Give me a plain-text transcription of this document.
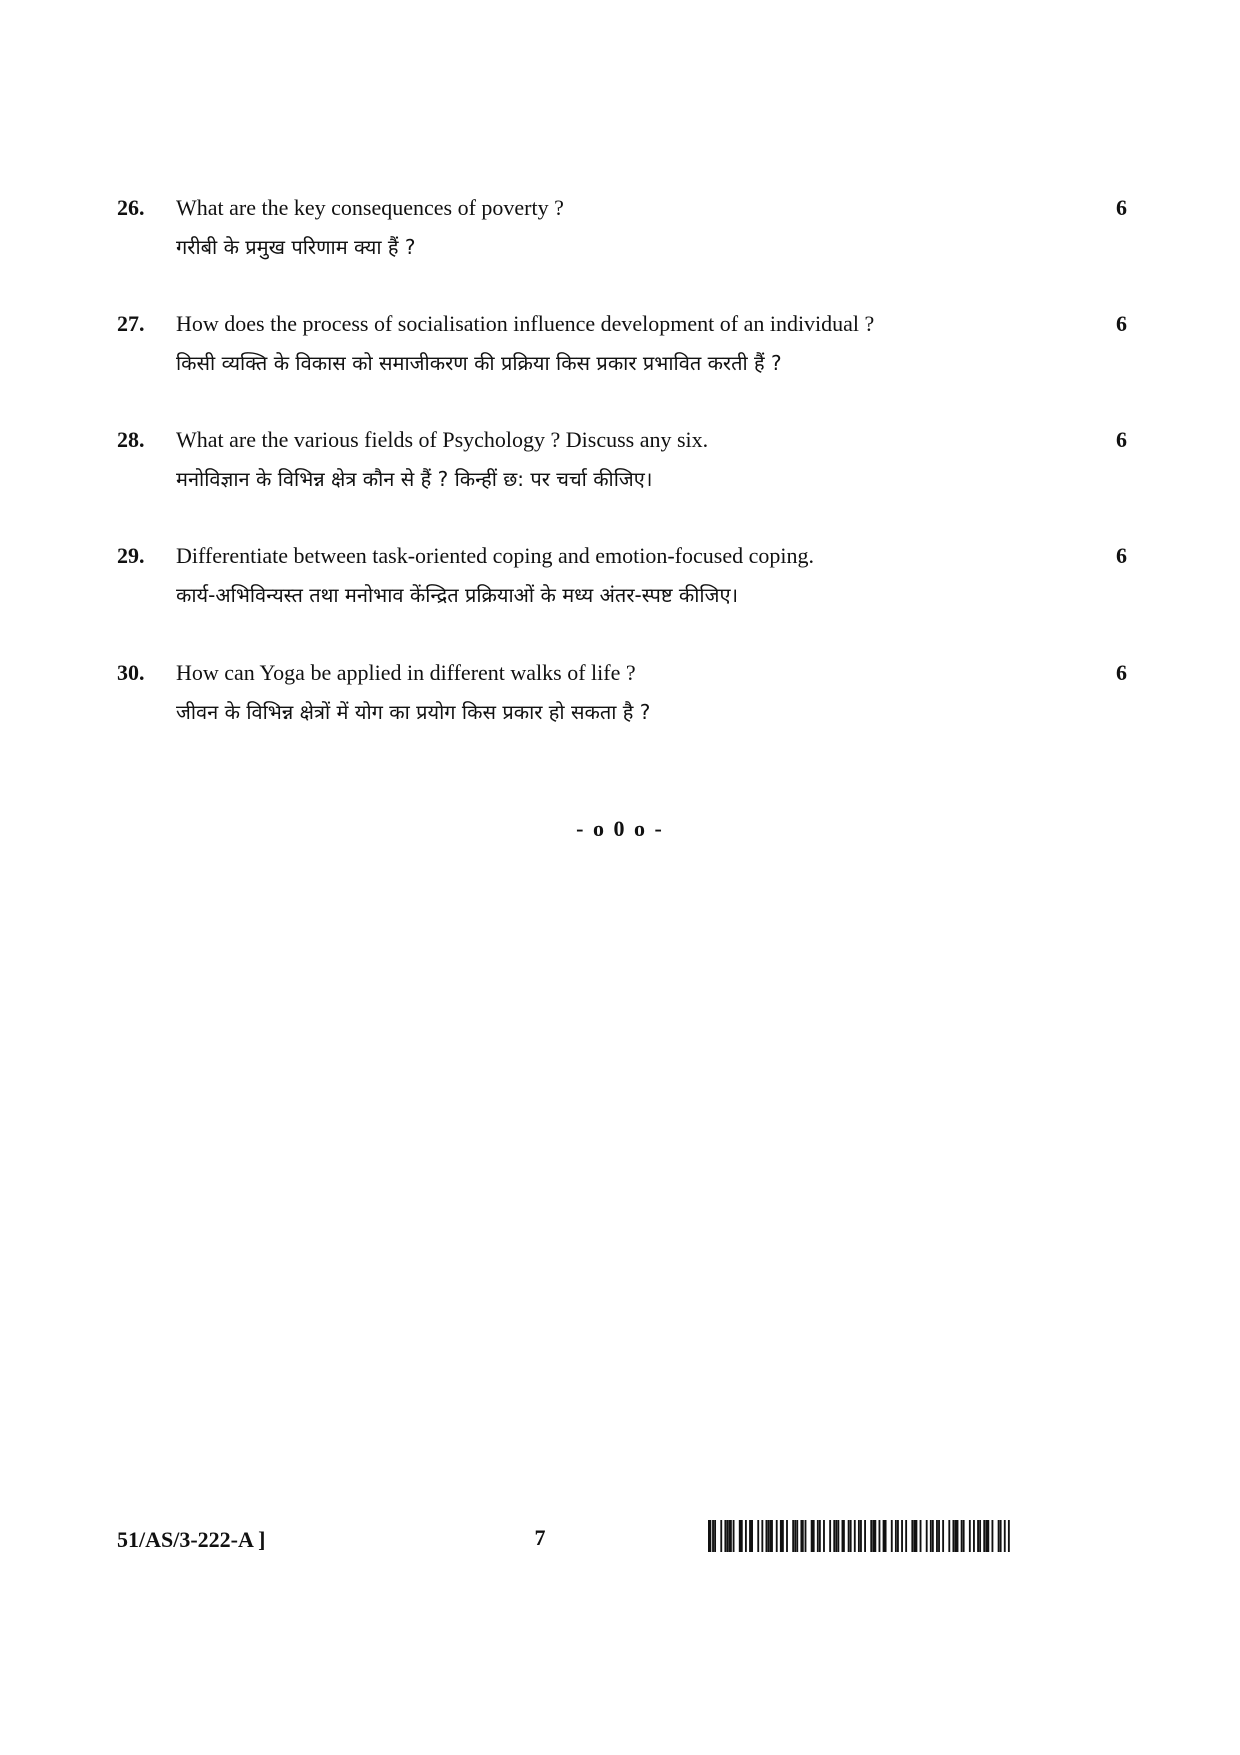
26. What are the key consequences of poverty ?
गरीबी के प्रमुख परिणाम क्या हैं ?
6
27. How does the process of socialisation influence development of an individual ?
किसी व्यक्ति के विकास को समाजीकरण की प्रक्रिया किस प्रकार प्रभावित करती हैं ?
6
28. What are the various fields of Psychology ? Discuss any six.
मनोविज्ञान के विभिन्न क्षेत्र कौन से हैं ? किन्हीं छ: पर चर्चा कीजिए।
6
29. Differentiate between task-oriented coping and emotion-focused coping.
कार्य-अभिविन्यस्त तथा मनोभाव केंन्द्रित प्रक्रियाओं के मध्य अंतर-स्पष्ट कीजिए।
6
30. How can Yoga be applied in different walks of life ?
जीवन के विभिन्न क्षेत्रों में योग का प्रयोग किस प्रकार हो सकता है ?
6
- o 0 o -
51/AS/3-222-A ]	7
